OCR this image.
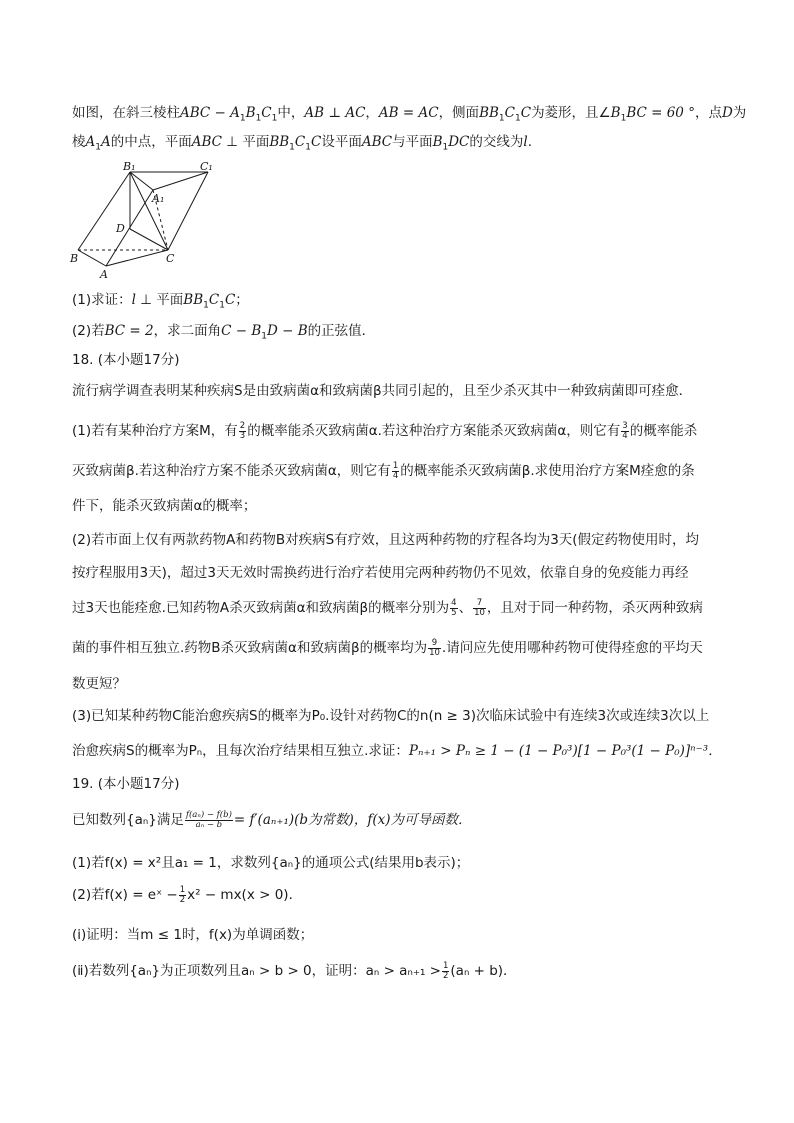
如图，在斜三棱柱ABC − $A_1B_1C_1$中，AB ⊥ AC，AB = AC，侧面$BB_1C_1C$为菱形，且$\angle B_1BC = 60$ °，点D为
棱$A_1A$的中点，平面ABC ⊥ 平面$BB_1C_1C$设平面ABC与平面$B_1DC$的交线为l.
B₁	C₁
A₁
D
B
A
C
(1)求证：l ⊥ 平面$BB_1C_1C$；
(2)若BC = 2，求二面角$C - B_1D - B$的正弦值．
18. (本小题17分)
流行病学调查表明某种疾病S是由致病菌α和致病菌β共同引起的，且至少杀灭其中一种致病菌即可痊愈．
(1)若有某种治疗方案M，有 $\frac{2}{3}$ 的概率能杀灭致病菌α.若这种治疗方案能杀灭致病菌α，则它有 $\frac{3}{4}$ 的概率能杀
灭致病菌β.若这种治疗方案不能杀灭致病菌α，则它有 $\frac{1}{4}$ 的概率能杀灭致病菌β.求使用治疗方案M痊愈的条
件下，能杀灭致病菌α的概率；
(2)若市面上仅有两款药物A和药物B对疾病S有疗效，且这两种药物的疗程各均为3天(假定药物使用时，均
按疗程服用3天)，超过3天无效时需换药进行治疗若使用完两种药物仍不见效，依靠自身的免疫能力再经
过3天也能痊愈.已知药物A杀灭致病菌α和致病菌β的概率分别为 $\frac{4}{5}$ 、 $\frac{7}{10}$ ，且对于同一种药物，杀灭两种致病
菌的事件相互独立.药物B杀灭致病菌α和致病菌β的概率均为 $\frac{9}{10}$ .请问应先使用哪种药物可使得痊愈的平均天
数更短？
(3)已知某种药物C能治愈疾病S的概率为P₀.设针对药物C的n(n ≥ 3)次临床试验中有连续3次或连续3次以上
治愈疾病S的概率为Pₙ，且每次治疗结果相互独立.求证：Pₙ₊₁ > Pₙ ≥ 1 − (1 − P₀³)[1 − P₀³(1 − P₀)]ⁿ⁻³．
19. (本小题17分)
已知数列{aₙ}满足 $\frac{\text{f(aₙ) − f(b)}}{\text{aₙ − b}} = f'(a_{n+1})(b$为常数)，f(x)为可导函数．
(1)若f(x) = x²且a₁ = 1，求数列{aₙ}的通项公式(结果用b表示)；
(2)若f(x) = eˣ − $\frac{1}{2} x^2 - mx(x > 0)$．
(ⅰ)证明：当m ≤ 1时，f(x)为单调函数；
(ⅱ)若数列{aₙ}为正项数列且aₙ > b > 0，证明：$a_n > a_{n+1} > \frac{1}{2} (a_n + b)$．
